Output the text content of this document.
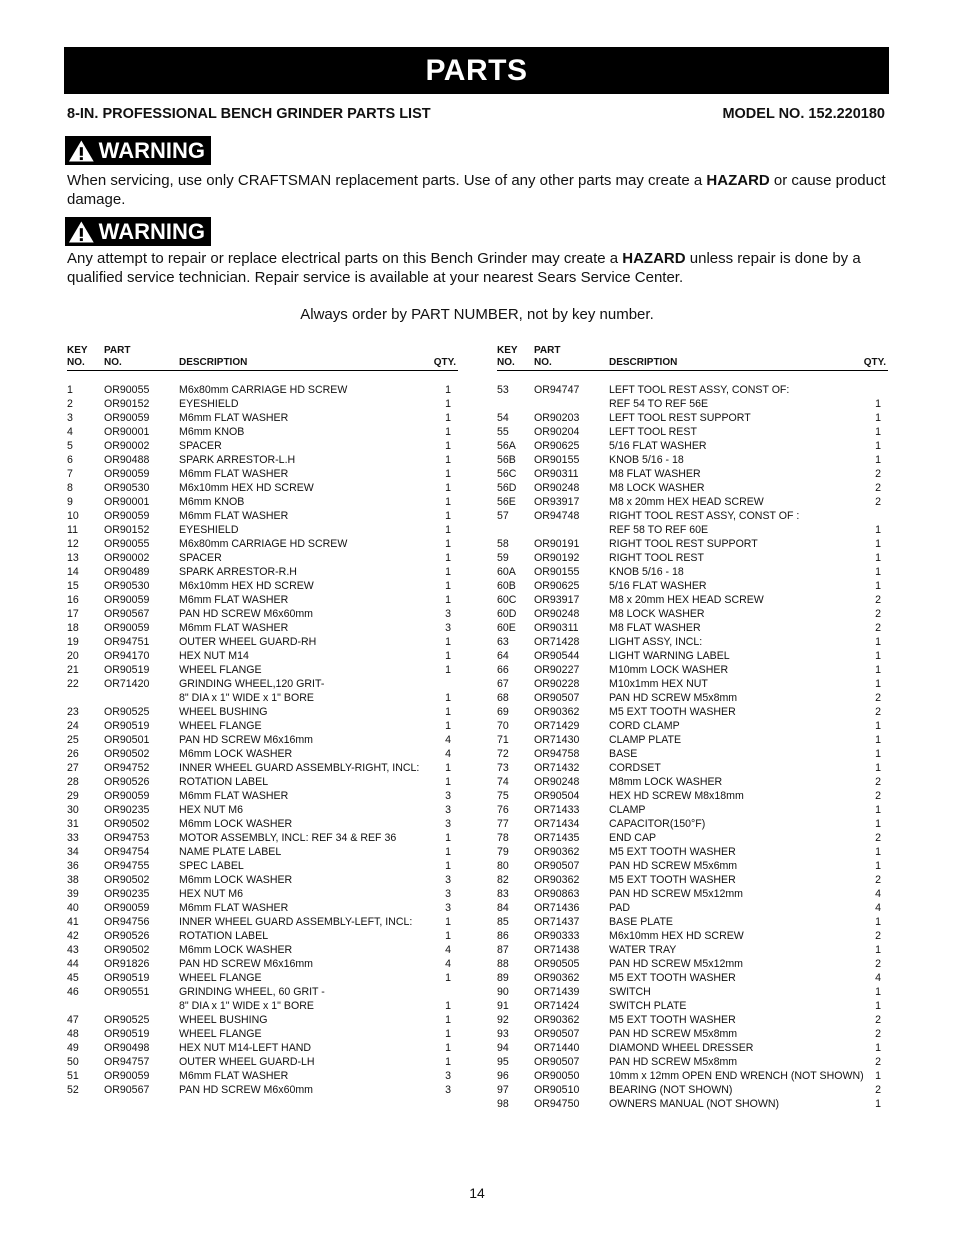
PARTS
8-IN. PROFESSIONAL BENCH GRINDER PARTS LIST	MODEL NO. 152.220180
WARNING
When servicing, use only CRAFTSMAN replacement parts. Use of any other parts may create a HAZARD or cause product damage.
WARNING
Any attempt to repair or replace electrical parts on this Bench Grinder may create a HAZARD unless repair is done by a qualified service technician. Repair service is available at your nearest Sears Service Center.
Always order by PART NUMBER, not by key number.
KEY
NO.
PART
NO.	DESCRIPTION	QTY.
1	OR90055	M6x80mm CARRIAGE HD SCREW	1
2	OR90152	EYESHIELD	1
3	OR90059	M6mm FLAT WASHER	1
4	OR90001	M6mm KNOB	1
5	OR90002	SPACER	1
6	OR90488	SPARK ARRESTOR-L.H	1
7	OR90059	M6mm FLAT WASHER	1
8	OR90530	M6x10mm HEX HD SCREW	1
9	OR90001	M6mm KNOB	1
10 OR90059	M6mm FLAT WASHER	1
11 OR90152	EYESHIELD	1
12 OR90055	M6x80mm CARRIAGE HD SCREW	1
13 OR90002	SPACER	1
14 OR90489	SPARK ARRESTOR-R.H	1
15 OR90530	M6x10mm HEX HD SCREW	1
16 OR90059	M6mm FLAT WASHER	1
17 OR90567	PAN HD SCREW M6x60mm	3
18 OR90059	M6mm FLAT WASHER	3
19 OR94751	OUTER WHEEL GUARD-RH	1
20 OR94170	HEX NUT M14	1
21 OR90519	WHEEL FLANGE	1
22 OR71420	GRINDING WHEEL,120 GRIT-
8" DIA x 1" WIDE x 1" BORE	1
23 OR90525	WHEEL BUSHING	1
24 OR90519	WHEEL FLANGE	1
25 OR90501	PAN HD SCREW M6x16mm	4
26 OR90502	M6mm LOCK WASHER	4
27 OR94752	INNER WHEEL GUARD ASSEMBLY-RIGHT, INCL: 1
28 OR90526	ROTATION LABEL	1
29 OR90059	M6mm FLAT WASHER	3
30 OR90235	HEX NUT M6	3
31 OR90502	M6mm LOCK WASHER	3
33 OR94753	MOTOR ASSEMBLY, INCL: REF 34 & REF 36	1
34 OR94754	NAME PLATE LABEL	1
36 OR94755	SPEC LABEL	1
38 OR90502	M6mm LOCK WASHER	3
39 OR90235	HEX NUT M6	3
40 OR90059	M6mm FLAT WASHER	3
41 OR94756	INNER WHEEL GUARD ASSEMBLY-LEFT, INCL:	1
42 OR90526	ROTATION LABEL	1
43 OR90502	M6mm LOCK WASHER	4
44 OR91826	PAN HD SCREW M6x16mm	4
45 OR90519	WHEEL FLANGE	1
46 OR90551	GRINDING WHEEL, 60 GRIT -
8" DIA x 1" WIDE x 1" BORE	1
47 OR90525	WHEEL BUSHING	1
48 OR90519	WHEEL FLANGE	1
49 OR90498	HEX NUT M14-LEFT HAND	1
50 OR94757	OUTER WHEEL GUARD-LH	1
51 OR90059	M6mm FLAT WASHER	3
52 OR90567	PAN HD SCREW M6x60mm	3
KEY
NO.
PART
NO.	DESCRIPTION	QTY.
53 OR94747	LEFT TOOL REST ASSY, CONST OF:
REF 54 TO REF 56E	1
54 OR90203	LEFT TOOL REST SUPPORT	1
55 OR90204	LEFT TOOL REST	1
56A OR90625	5/16 FLAT WASHER	1
56B OR90155	KNOB 5/16 - 18	1
56C OR90311	M8 FLAT WASHER	2
56D OR90248	M8 LOCK WASHER	2
56E OR93917	M8 x 20mm HEX HEAD SCREW	2
57 OR94748	RIGHT TOOL REST ASSY, CONST OF :
REF 58 TO REF 60E	1
58 OR90191	RIGHT TOOL REST SUPPORT	1
59 OR90192	RIGHT TOOL REST	1
60A OR90155	KNOB 5/16 - 18	1
60B OR90625	5/16 FLAT WASHER	1
60C OR93917	M8 x 20mm HEX HEAD SCREW	2
60D OR90248	M8 LOCK WASHER	2
60E OR90311	M8 FLAT WASHER	2
63 OR71428	LIGHT ASSY, INCL:	1
64 OR90544	LIGHT WARNING LABEL	1
66 OR90227	M10mm LOCK WASHER	1
67 OR90228	M10x1mm HEX NUT	1
68 OR90507	PAN HD SCREW M5x8mm	2
69 OR90362	M5 EXT TOOTH WASHER	2
70 OR71429	CORD CLAMP	1
71 OR71430	CLAMP PLATE	1
72 OR94758	BASE	1
73 OR71432	CORDSET	1
74 OR90248	M8mm LOCK WASHER	2
75 OR90504	HEX HD SCREW M8x18mm	2
76 OR71433	CLAMP	1
77 OR71434	CAPACITOR(150°F)	1
78 OR71435	END CAP	2
79 OR90362	M5 EXT TOOTH WASHER	1
80 OR90507	PAN HD SCREW M5x6mm	1
82 OR90362	M5 EXT TOOTH WASHER	2
83 OR90863	PAN HD SCREW M5x12mm	4
84 OR71436	PAD	4
85 OR71437	BASE PLATE	1
86 OR90333	M6x10mm HEX HD SCREW	2
87 OR71438	WATER TRAY	1
88 OR90505	PAN HD SCREW M5x12mm	2
89 OR90362	M5 EXT TOOTH WASHER	4
90 OR71439	SWITCH	1
91 OR71424	SWITCH PLATE	1
92 OR90362	M5 EXT TOOTH WASHER	2
93 OR90507	PAN HD SCREW M5x8mm	2
94 OR71440	DIAMOND WHEEL DRESSER	1
95 OR90507	PAN HD SCREW M5x8mm	2
96 OR90050	10mm x 12mm OPEN END WRENCH (NOT SHOWN) 1
97 OR90510	BEARING (NOT SHOWN)	2
98 OR94750	OWNERS MANUAL (NOT SHOWN)	1
14
